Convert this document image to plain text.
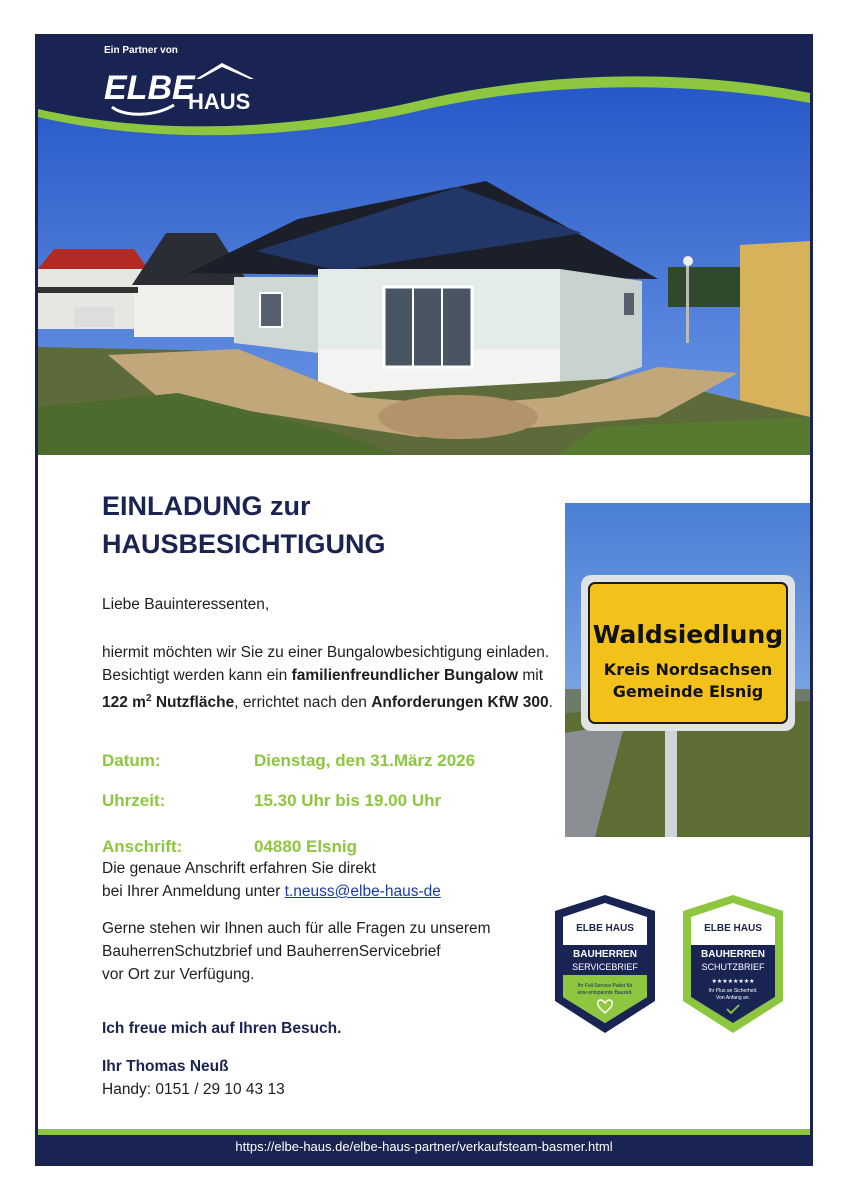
Ein Partner von
ELBE
HAUS
EINLADUNG zur
HAUSBESICHTIGUNG
Liebe Bauinteressenten,
hiermit möchten wir Sie zu einer Bungalowbesichtigung einladen. Besichtigt werden kann ein familienfreundlicher Bungalow mit 122 $m^2$ Nutzfläche, errichtet nach den Anforderungen KfW 300.
Datum:	Dienstag, den 31.März 2026
Uhrzeit:	15.30 Uhr bis 19.00 Uhr
Anschrift:	04880 Elsnig
Die genaue Anschrift erfahren Sie direkt
bei Ihrer Anmeldung unter t.neuss@elbe-haus-de
Gerne stehen wir Ihnen auch für alle Fragen zu unserem
BauherrenSchutzbrief und BauherrenServicebrief
vor Ort zur Verfügung.
Ich freue mich auf Ihren Besuch.
Ihr Thomas Neuß
Handy: 0151 / 29 10 43 13
Waldsiedlung
Kreis Nordsachsen
Gemeinde Elsnig
ELBE HAUS
BAUHERREN
SERVICEBRIEF
Ihr Full-Service Paket für
eine entspannte Bauzeit.
ELBE HAUS
BAUHERREN
SCHUTZBRIEF
★★★★★★★★
Ihr Plus an Sicherheit.
Von Anfang an.
https://elbe-haus.de/elbe-haus-partner/verkaufsteam-basmer.html
